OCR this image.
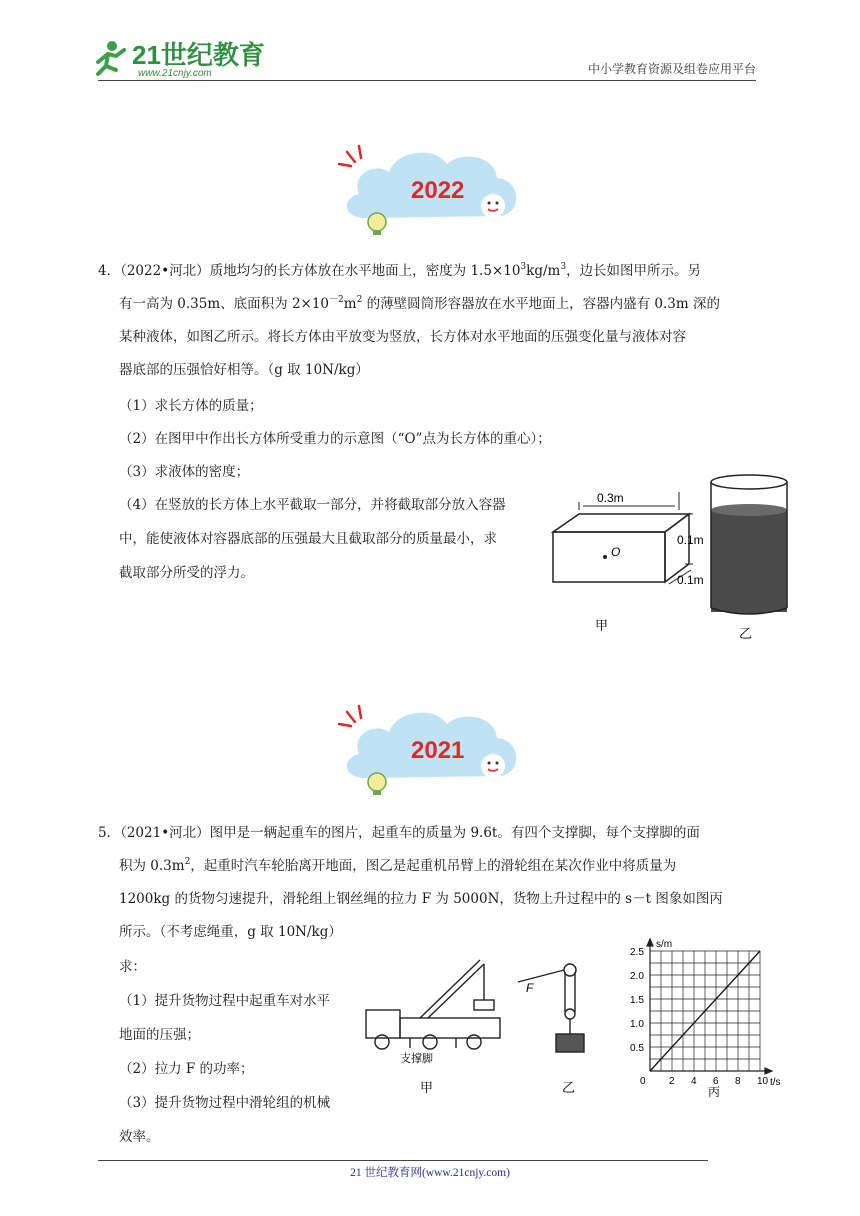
21世纪教育
www.21cnjy.com	中小学教育资源及组卷应用平台
2022
4．（2022•河北）质地均匀的长方体放在水平地面上，密度为 $1.5\times 10^3kg/m^3$，边长如图甲所示。另
有一高为 0.35m、底面积为 $2\times 10^{-2}m^2$ 的薄壁圆筒形容器放在水平地面上，容器内盛有 0.3m 深的
某种液体，如图乙所示。将长方体由平放变为竖放，长方体对水平地面的压强变化量与液体对容
器底部的压强恰好相等。（g 取 10N/kg）
（1）求长方体的质量；
（2）在图甲中作出长方体所受重力的示意图（“O”点为长方体的重心）；
（3）求液体的密度；
（4）在竖放的长方体上水平截取一部分，并将截取部分放入容器
中，能使液体对容器底部的压强最大且截取部分的质量最小，求
截取部分所受的浮力。
0.3m
0.1m
0.1m
O
甲
乙
2021
5．（2021•河北）图甲是一辆起重车的图片，起重车的质量为 9.6t。有四个支撑脚，每个支撑脚的面
积为 $0.3m^2$，起重时汽车轮胎离开地面，图乙是起重机吊臂上的滑轮组在某次作业中将质量为
1200kg 的货物匀速提升，滑轮组上钢丝绳的拉力 F 为 5000N，货物上升过程中的 s－t 图象如图丙
所示。（不考虑绳重，g 取 10N/kg）
求：
（1）提升货物过程中起重车对水平
地面的压强；
（2）拉力 F 的功率；
（3）提升货物过程中滑轮组的机械
效率。
支撑脚
甲
F
乙	0 2 4 6 8 10
0.5
1.0
1.5
2.0
2.5
s/m
t/s
丙
21 世纪教育网(www.21cnjy.com)
